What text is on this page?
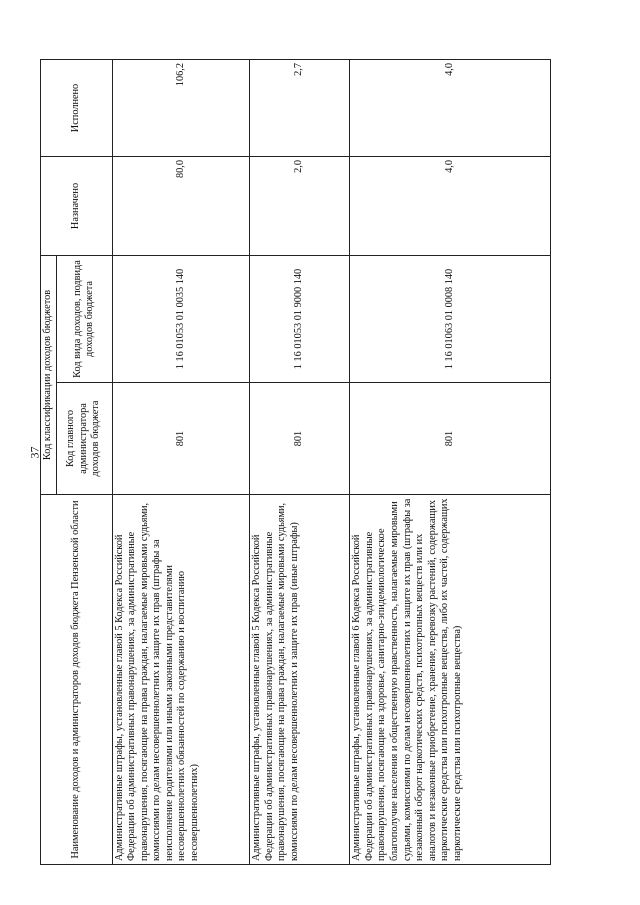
37
Наименование доходов и администраторов доходов бюджета Пензенской области	Код классификации доходов бюджетов		Назначено	Исполнено
	Код главного администратора доходов бюджета	Код вида доходов, подвида доходов бюджета		
Административные штрафы, установленные главой 5 Кодекса Российской Федерации об административных правонарушениях, за административные правонарушения, посягающие на права граждан, налагаемые мировыми судьями, комиссиями по делам несовершеннолетних и защите их прав (штрафы за неисполнение родителями или иными законными представителями несовершеннолетних обязанностей по содержанию и воспитанию несовершеннолетних)	801	1 16 01053 01 0035 140	80,0	106,2
Административные штрафы, установленные главой 5 Кодекса Российской Федерации об административных правонарушениях, за административные правонарушения, посягающие на права граждан, налагаемые мировыми судьями, комиссиями по делам несовершеннолетних и защите их прав (иные штрафы)	801	1 16 01053 01 9000 140	2,0	2,7
Административные штрафы, установленные главой 6 Кодекса Российской Федерации об административных правонарушениях, за административные правонарушения, посягающие на здоровье, санитарно-эпидемиологическое благополучие населения и общественную нравственность, налагаемые мировыми судьями, комиссиями по делам несовершеннолетних и защите их прав (штрафы за незаконный оборот наркотических средств, психотропных веществ или их аналогов и незаконные приобретение, хранение, перевозку растений, содержащих наркотические средства или психотропные вещества, либо их частей, содержащих наркотические средства или психотропные вещества)	801	1 16 01063 01 0008 140	4,0	4,0
